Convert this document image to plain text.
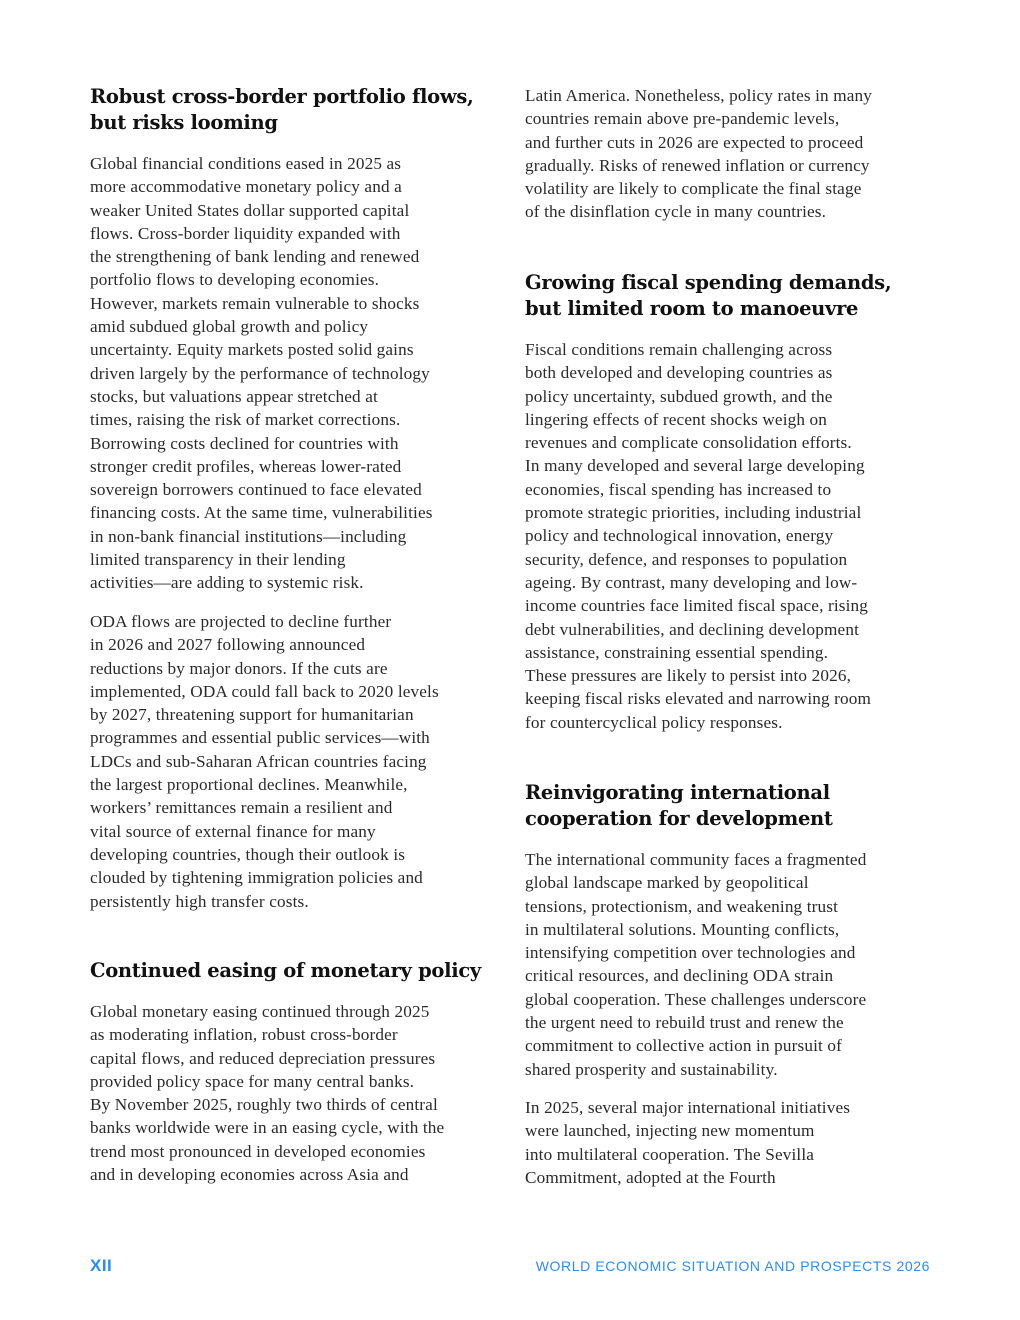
Robust cross-border portfolio flows,
but risks looming
Global financial conditions eased in 2025 as
more accommodative monetary policy and a
weaker United States dollar supported capital
flows. Cross-border liquidity expanded with
the strengthening of bank lending and renewed
portfolio flows to developing economies.
However, markets remain vulnerable to shocks
amid subdued global growth and policy
uncertainty. Equity markets posted solid gains
driven largely by the performance of technology
stocks, but valuations appear stretched at
times, raising the risk of market corrections.
Borrowing costs declined for countries with
stronger credit profiles, whereas lower-rated
sovereign borrowers continued to face elevated
financing costs. At the same time, vulnerabilities
in non-bank financial institutions—including
limited transparency in their lending
activities—are adding to systemic risk.
ODA flows are projected to decline further
in 2026 and 2027 following announced
reductions by major donors. If the cuts are
implemented, ODA could fall back to 2020 levels
by 2027, threatening support for humanitarian
programmes and essential public services—with
LDCs and sub-Saharan African countries facing
the largest proportional declines. Meanwhile,
workers’ remittances remain a resilient and
vital source of external finance for many
developing countries, though their outlook is
clouded by tightening immigration policies and
persistently high transfer costs.
Continued easing of monetary policy
Global monetary easing continued through 2025
as moderating inflation, robust cross-border
capital flows, and reduced depreciation pressures
provided policy space for many central banks.
By November 2025, roughly two thirds of central
banks worldwide were in an easing cycle, with the
trend most pronounced in developed economies
and in developing economies across Asia and
Latin America. Nonetheless, policy rates in many
countries remain above pre-pandemic levels,
and further cuts in 2026 are expected to proceed
gradually. Risks of renewed inflation or currency
volatility are likely to complicate the final stage
of the disinflation cycle in many countries.
Growing fiscal spending demands,
but limited room to manoeuvre
Fiscal conditions remain challenging across
both developed and developing countries as
policy uncertainty, subdued growth, and the
lingering effects of recent shocks weigh on
revenues and complicate consolidation efforts.
In many developed and several large developing
economies, fiscal spending has increased to
promote strategic priorities, including industrial
policy and technological innovation, energy
security, defence, and responses to population
ageing. By contrast, many developing and low-
income countries face limited fiscal space, rising
debt vulnerabilities, and declining development
assistance, constraining essential spending.
These pressures are likely to persist into 2026,
keeping fiscal risks elevated and narrowing room
for countercyclical policy responses.
Reinvigorating international
cooperation for development
The international community faces a fragmented
global landscape marked by geopolitical
tensions, protectionism, and weakening trust
in multilateral solutions. Mounting conflicts,
intensifying competition over technologies and
critical resources, and declining ODA strain
global cooperation. These challenges underscore
the urgent need to rebuild trust and renew the
commitment to collective action in pursuit of
shared prosperity and sustainability.
In 2025, several major international initiatives
were launched, injecting new momentum
into multilateral cooperation. The Sevilla
Commitment, adopted at the Fourth
XII	WORLD ECONOMIC SITUATION AND PROSPECTS 2026
